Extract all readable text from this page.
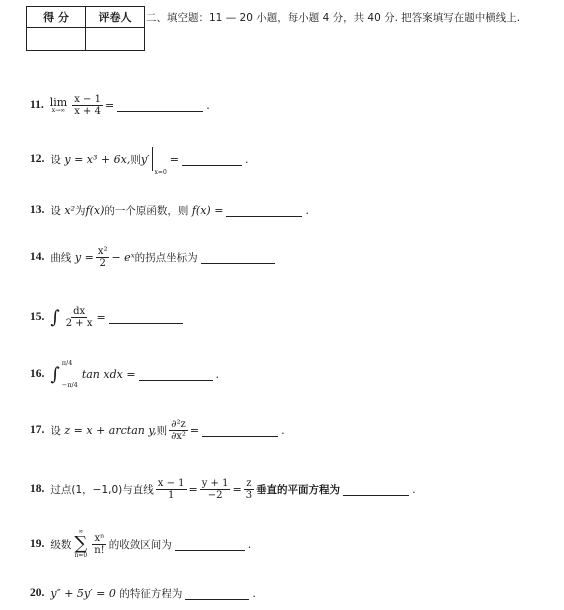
得 分	评卷人
	二、填空题：11 — 20 小题，每小题 4 分，共 40 分. 把答案填写在题中横线上.
11. lim
$x\to\infty \frac{x - 1}{x + 4}$ =	.
12. 设
y = x³ + 6x, 则 y′
x=0
=	.
13. 设
x² 为 f(x) 的一个原函数，则
f(x)
=	.
14. 曲线
$y = \frac{\text{x²}}{2}$ − eˣ 的拐点坐标为
15. ∫ $\frac{dx}{2 + x}$ =
16. ∫
π/4
−π/4
tan xdx
=	.
17. 设
z = x + arctan y, 则 $\frac{\text{∂²z}}{\text{∂x²}}$ =	.
18. 过点(1，−1,0)与直线 $\frac{x - 1}{1} = \frac{y + 1}{-2} = \frac{z}{3}$ 垂直的平面方程为	.
19. 级数
∞
∑
$n=0 \frac{\text{xⁿ}}{n!}$ 的收敛区间为	.
20. y″ + 5y′ = 0
的特征方程为	.
